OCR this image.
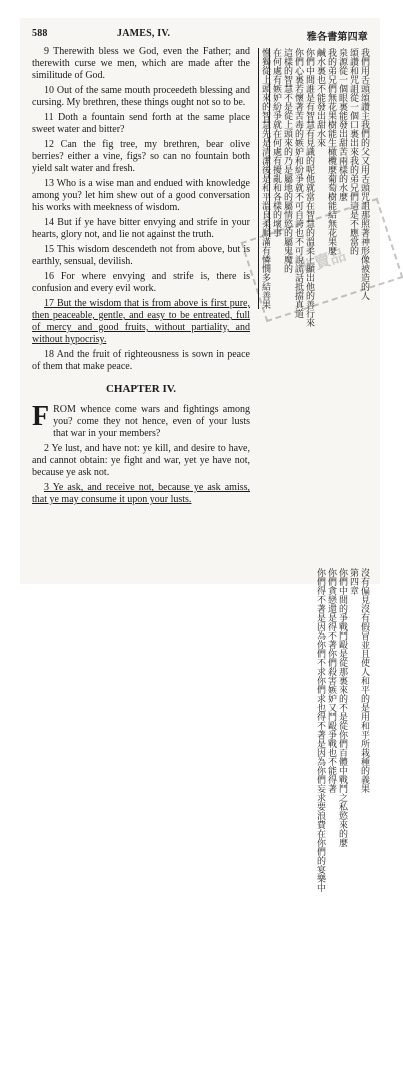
588	JAMES, IV.	雅各書第四章

9 Therewith bless we God, even the Father; and therewith curse we men, which are made after the similitude of God.

10 Out of the same mouth proceedeth blessing and cursing. My brethren, these things ought not so to be.

11 Doth a fountain send forth at the same place sweet water and bitter?

12 Can the fig tree, my brethren, bear olive berries? either a vine, figs? so can no fountain both yield salt water and fresh.

13 Who is a wise man and endued with knowledge among you? let him shew out of a good conversation his works with meekness of wisdom.

14 But if ye have bitter envying and strife in your hearts, glory not, and lie not against the truth.

15 This wisdom descendeth not from above, but is earthly, sensual, devilish.

16 For where envying and strife is, there is confusion and every evil work.

17 But the wisdom that is from above is first pure, then peaceable, gentle, and easy to be entreated, full of mercy and good fruits, without partiality, and without hypocrisy.

18 And the fruit of righteousness is sown in peace of them that make peace.

CHAPTER IV.

F ROM whence come wars and fightings among you? come they not hence, even of your lusts that war in your members?

2 Ye lust, and have not: ye kill, and desire to have, and cannot obtain: ye fight and war, yet ye have not, because ye ask not.

3 Ye ask, and receive not, because ye ask amiss, that ye may consume it upon your lusts.

我們用舌頭頌讚主我們的父又用舌頭咒詛那照著神形像被造的人
頌讚和咒詛從一個口裏出來我的弟兄們這是不應當的
泉源從一個眼裏能發出甜苦兩樣的水麼
我的弟兄們無花果樹能生橄欖麼葡萄樹能結無花果麼
鹹水裏也不能發出甜水來
你們中間誰是有智慧有見識的呢他就當在智慧的溫柔上顯出他的善行來
你們心裏若懷著苦毒的嫉妒和紛爭就不可自誇也不可說謊話抵擋真道
這樣的智慧不是從上頭來的乃是屬地的屬情慾的屬鬼魔的
在何處有嫉妒紛爭就在何處有擾亂和各樣的壞事
惟獨從上頭來的智慧先是清潔後是和平溫良柔順滿有憐憫多結善果
沒有偏見沒有假冒並且使人和平的是用和平所栽種的義果
第四章
你們中間的爭戰鬥毆是從那裏來的不是從你們百體中戰鬥之私慾來的麼
你們貪戀還是得不著你們殺害嫉妒又鬥毆爭戰也不能得著
你們得不著是因為你們不求你們求也得不著是因為你們妄求要浪費在你們的宴樂中
非賣品
